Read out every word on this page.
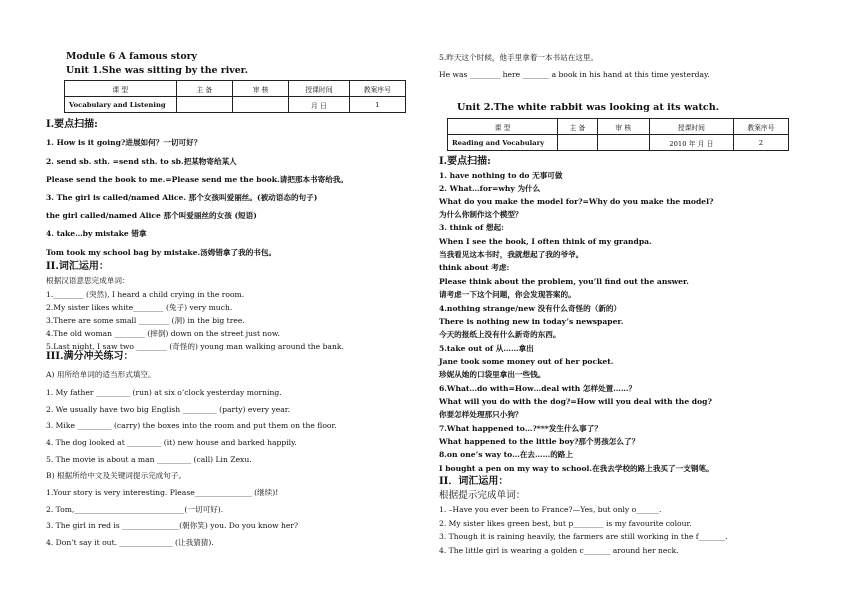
Module 6 A famous story
Unit 1.She was sitting by the river.
课 型	主 备	审 核	授课时间	教案序号
Vocabulary and Listening			月 日	1
I.要点扫描:
1. How is it going?进展如何？一切可好？
2. send sb. sth. =send sth. to sb.把某物寄给某人
Please send the book to me.=Please send me the book.请把那本书寄给我。
3. The girl is called/named Alice. 那个女孩叫爱丽丝。(被动语态的句子)
the girl called/named Alice 那个叫爱丽丝的女孩 (短语)
4. take…by mistake 错拿
Tom took my school bag by mistake.汤姆错拿了我的书包。
II.词汇运用：
根据汉语意思完成单词：
1.________ (突然), I heard a child crying in the room.
2.My sister likes white________ (兔子) very much.
3.There are some small ________ (洞) in the big tree.
4.The old woman ________ (摔倒) down on the street just now.
5.Last night, I saw two ________ (奇怪的) young man walking around the bank.
III.满分冲关练习：
A) 用所给单词的适当形式填空。
1. My father _________ (run) at six o’clock yesterday morning.
2. We usually have two big English _________ (party) every year.
3. Mike _________ (carry) the boxes into the room and put them on the floor.
4. The dog looked at _________ (it) new house and barked happily.
5. The movie is about a man _________ (call) Lin Zexu.
B) 根据所给中文及关键词提示完成句子。
1.Your story is very interesting. Please_______________ (继续)!
2. Tom,_____________________________(一切可好).
3. The girl in red is _______________(朝你笑) you. Do you know her?
4. Don’t say it out. ______________ (让我猜猜).
5.昨天这个时候，他手里拿着一本书站在这里。
He was ________ here _______ a book in his hand at this time yesterday.
Unit 2.The white rabbit was looking at its watch.
课 型	主 备	审 核	授课时间	教案序号
Reading and Vocabulary			2010 年 月 日	2
I.要点扫描:
1. have nothing to do 无事可做
2. What…for=why 为什么
What do you make the model for?=Why do you make the model?
为什么你制作这个模型？
3. think of 想起:
When I see the book, I often think of my grandpa.
当我看见这本书时，我就想起了我的爷爷。
think about 考虑:
Please think about the problem, you’ll find out the answer.
请考虑一下这个问题，你会发现答案的。
4.nothing strange/new 没有什么奇怪的（新的）
There is nothing new in today’s newspaper.
今天的报纸上没有什么新奇的东西。
5.take out of 从……拿出
Jane took some money out of her pocket.
珍妮从她的口袋里拿出一些钱。
6.What…do with=How…deal with 怎样处置……？
What will you do with the dog?=How will you deal with the dog?
你要怎样处理那只小狗？
7.What happened to…?***发生什么事了？
What happened to the little boy?那个男孩怎么了？
8.on one’s way to…在去……的路上
I bought a pen on my way to school.在我去学校的路上我买了一支钢笔。
II．词汇运用：
根据提示完成单词：
1. –Have you ever been to France?—Yes, but only o______.
2. My sister likes green best, but p________ is my favourite colour.
3. Though it is raining heavily, the farmers are still working in the f_______.
4. The little girl is wearing a golden c_______ around her neck.
